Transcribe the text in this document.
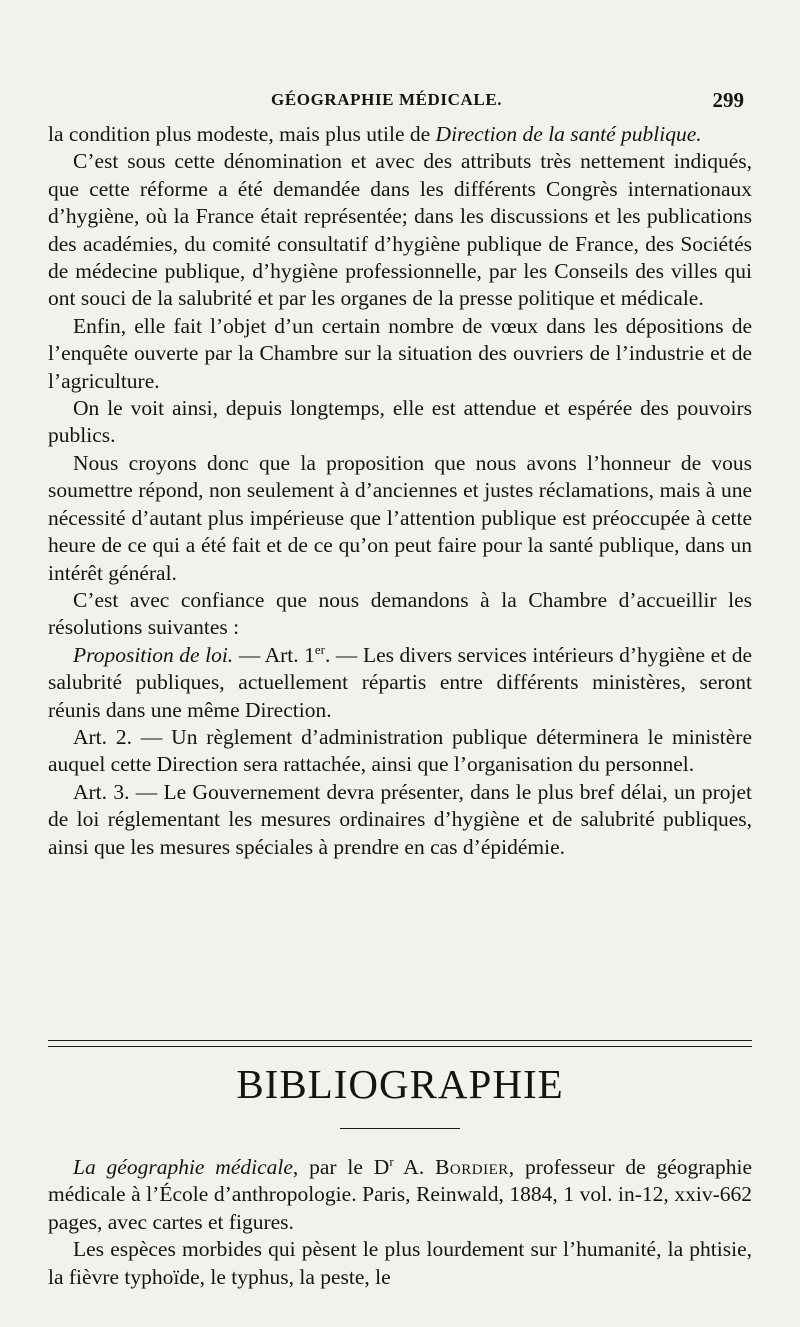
GÉOGRAPHIE MÉDICALE.	299

la condition plus modeste, mais plus utile de Direction de la santé publique.

C’est sous cette dénomination et avec des attributs très nettement indiqués, que cette réforme a été demandée dans les différents Congrès internationaux d’hygiène, où la France était représentée; dans les discussions et les publications des académies, du comité consultatif d’hygiène publique de France, des Sociétés de médecine publique, d’hygiène professionnelle, par les Conseils des villes qui ont souci de la salubrité et par les organes de la presse politique et médicale.

Enfin, elle fait l’objet d’un certain nombre de vœux dans les dépositions de l’enquête ouverte par la Chambre sur la situation des ouvriers de l’industrie et de l’agriculture.

On le voit ainsi, depuis longtemps, elle est attendue et espérée des pouvoirs publics.

Nous croyons donc que la proposition que nous avons l’honneur de vous soumettre répond, non seulement à d’anciennes et justes réclamations, mais à une nécessité d’autant plus impérieuse que l’attention publique est préoccupée à cette heure de ce qui a été fait et de ce qu’on peut faire pour la santé publique, dans un intérêt général.

C’est avec confiance que nous demandons à la Chambre d’accueillir les résolutions suivantes :

Proposition de loi. — Art. 1er. — Les divers services intérieurs d’hygiène et de salubrité publiques, actuellement répartis entre différents ministères, seront réunis dans une même Direction.

Art. 2. — Un règlement d’administration publique déterminera le ministère auquel cette Direction sera rattachée, ainsi que l’organisation du personnel.

Art. 3. — Le Gouvernement devra présenter, dans le plus bref délai, un projet de loi réglementant les mesures ordinaires d’hygiène et de salubrité publiques, ainsi que les mesures spéciales à prendre en cas d’épidémie.

BIBLIOGRAPHIE

La géographie médicale, par le $D^r$ A. Bordier, professeur de géographie médicale à l’École d’anthropologie. Paris, Reinwald, 1884, 1 vol. in-12, xxiv-662 pages, avec cartes et figures.

Les espèces morbides qui pèsent le plus lourdement sur l’humanité, la phtisie, la fièvre typhoïde, le typhus, la peste, le
